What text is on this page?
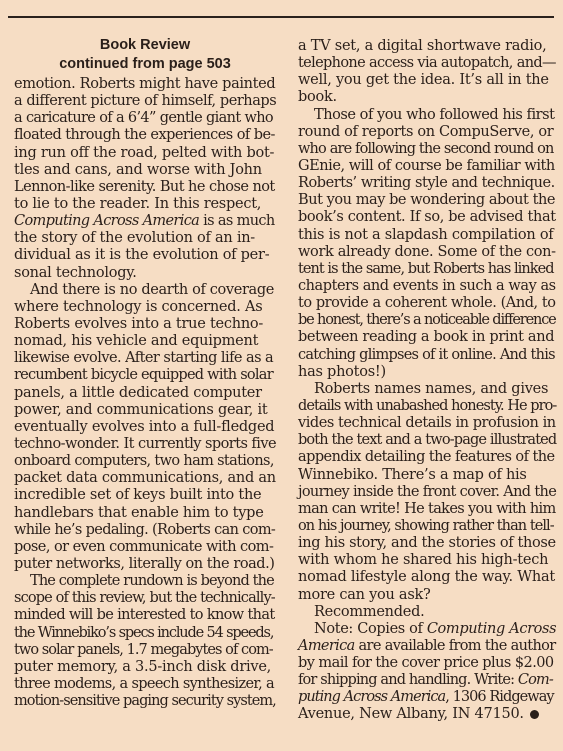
Book Review
continued from page 503
emotion. Roberts might have painted
a different picture of himself, perhaps
a caricature of a 6’4” gentle giant who
floated through the experiences of be-
ing run off the road, pelted with bot-
tles and cans, and worse with John
Lennon-like serenity. But he chose not
to lie to the reader. In this respect,
Computing Across America is as much
the story of the evolution of an in-
dividual as it is the evolution of per-
sonal technology.
And there is no dearth of coverage
where technology is concerned. As
Roberts evolves into a true techno-
nomad, his vehicle and equipment
likewise evolve. After starting life as a
recumbent bicycle equipped with solar
panels, a little dedicated computer
power, and communications gear, it
eventually evolves into a full-fledged
techno-wonder. It currently sports five
onboard computers, two ham stations,
packet data communications, and an
incredible set of keys built into the
handlebars that enable him to type
while he’s pedaling. (Roberts can com-
pose, or even communicate with com-
puter networks, literally on the road.)
The complete rundown is beyond the
scope of this review, but the technically-
minded will be interested to know that
the Winnebiko’s specs include 54 speeds,
two solar panels, 1.7 megabytes of com-
puter memory, a 3.5-inch disk drive,
three modems, a speech synthesizer, a
motion-sensitive paging security system,
a TV set, a digital shortwave radio,
telephone access via autopatch, and—
well, you get the idea. It’s all in the
book.
Those of you who followed his first
round of reports on CompuServe, or
who are following the second round on
GEnie, will of course be familiar with
Roberts’ writing style and technique.
But you may be wondering about the
book’s content. If so, be advised that
this is not a slapdash compilation of
work already done. Some of the con-
tent is the same, but Roberts has linked
chapters and events in such a way as
to provide a coherent whole. (And, to
be honest, there’s a noticeable difference
between reading a book in print and
catching glimpses of it online. And this
has photos!)
Roberts names names, and gives
details with unabashed honesty. He pro-
vides technical details in profusion in
both the text and a two-page illustrated
appendix detailing the features of the
Winnebiko. There’s a map of his
journey inside the front cover. And the
man can write! He takes you with him
on his journey, showing rather than tell-
ing his story, and the stories of those
with whom he shared his high-tech
nomad lifestyle along the way. What
more can you ask?
Recommended.
Note: Copies of Computing Across
America are available from the author
by mail for the cover price plus $2.00
for shipping and handling. Write: Com-
puting Across America, 1306 Ridgeway
Avenue, New Albany, IN 47150.
